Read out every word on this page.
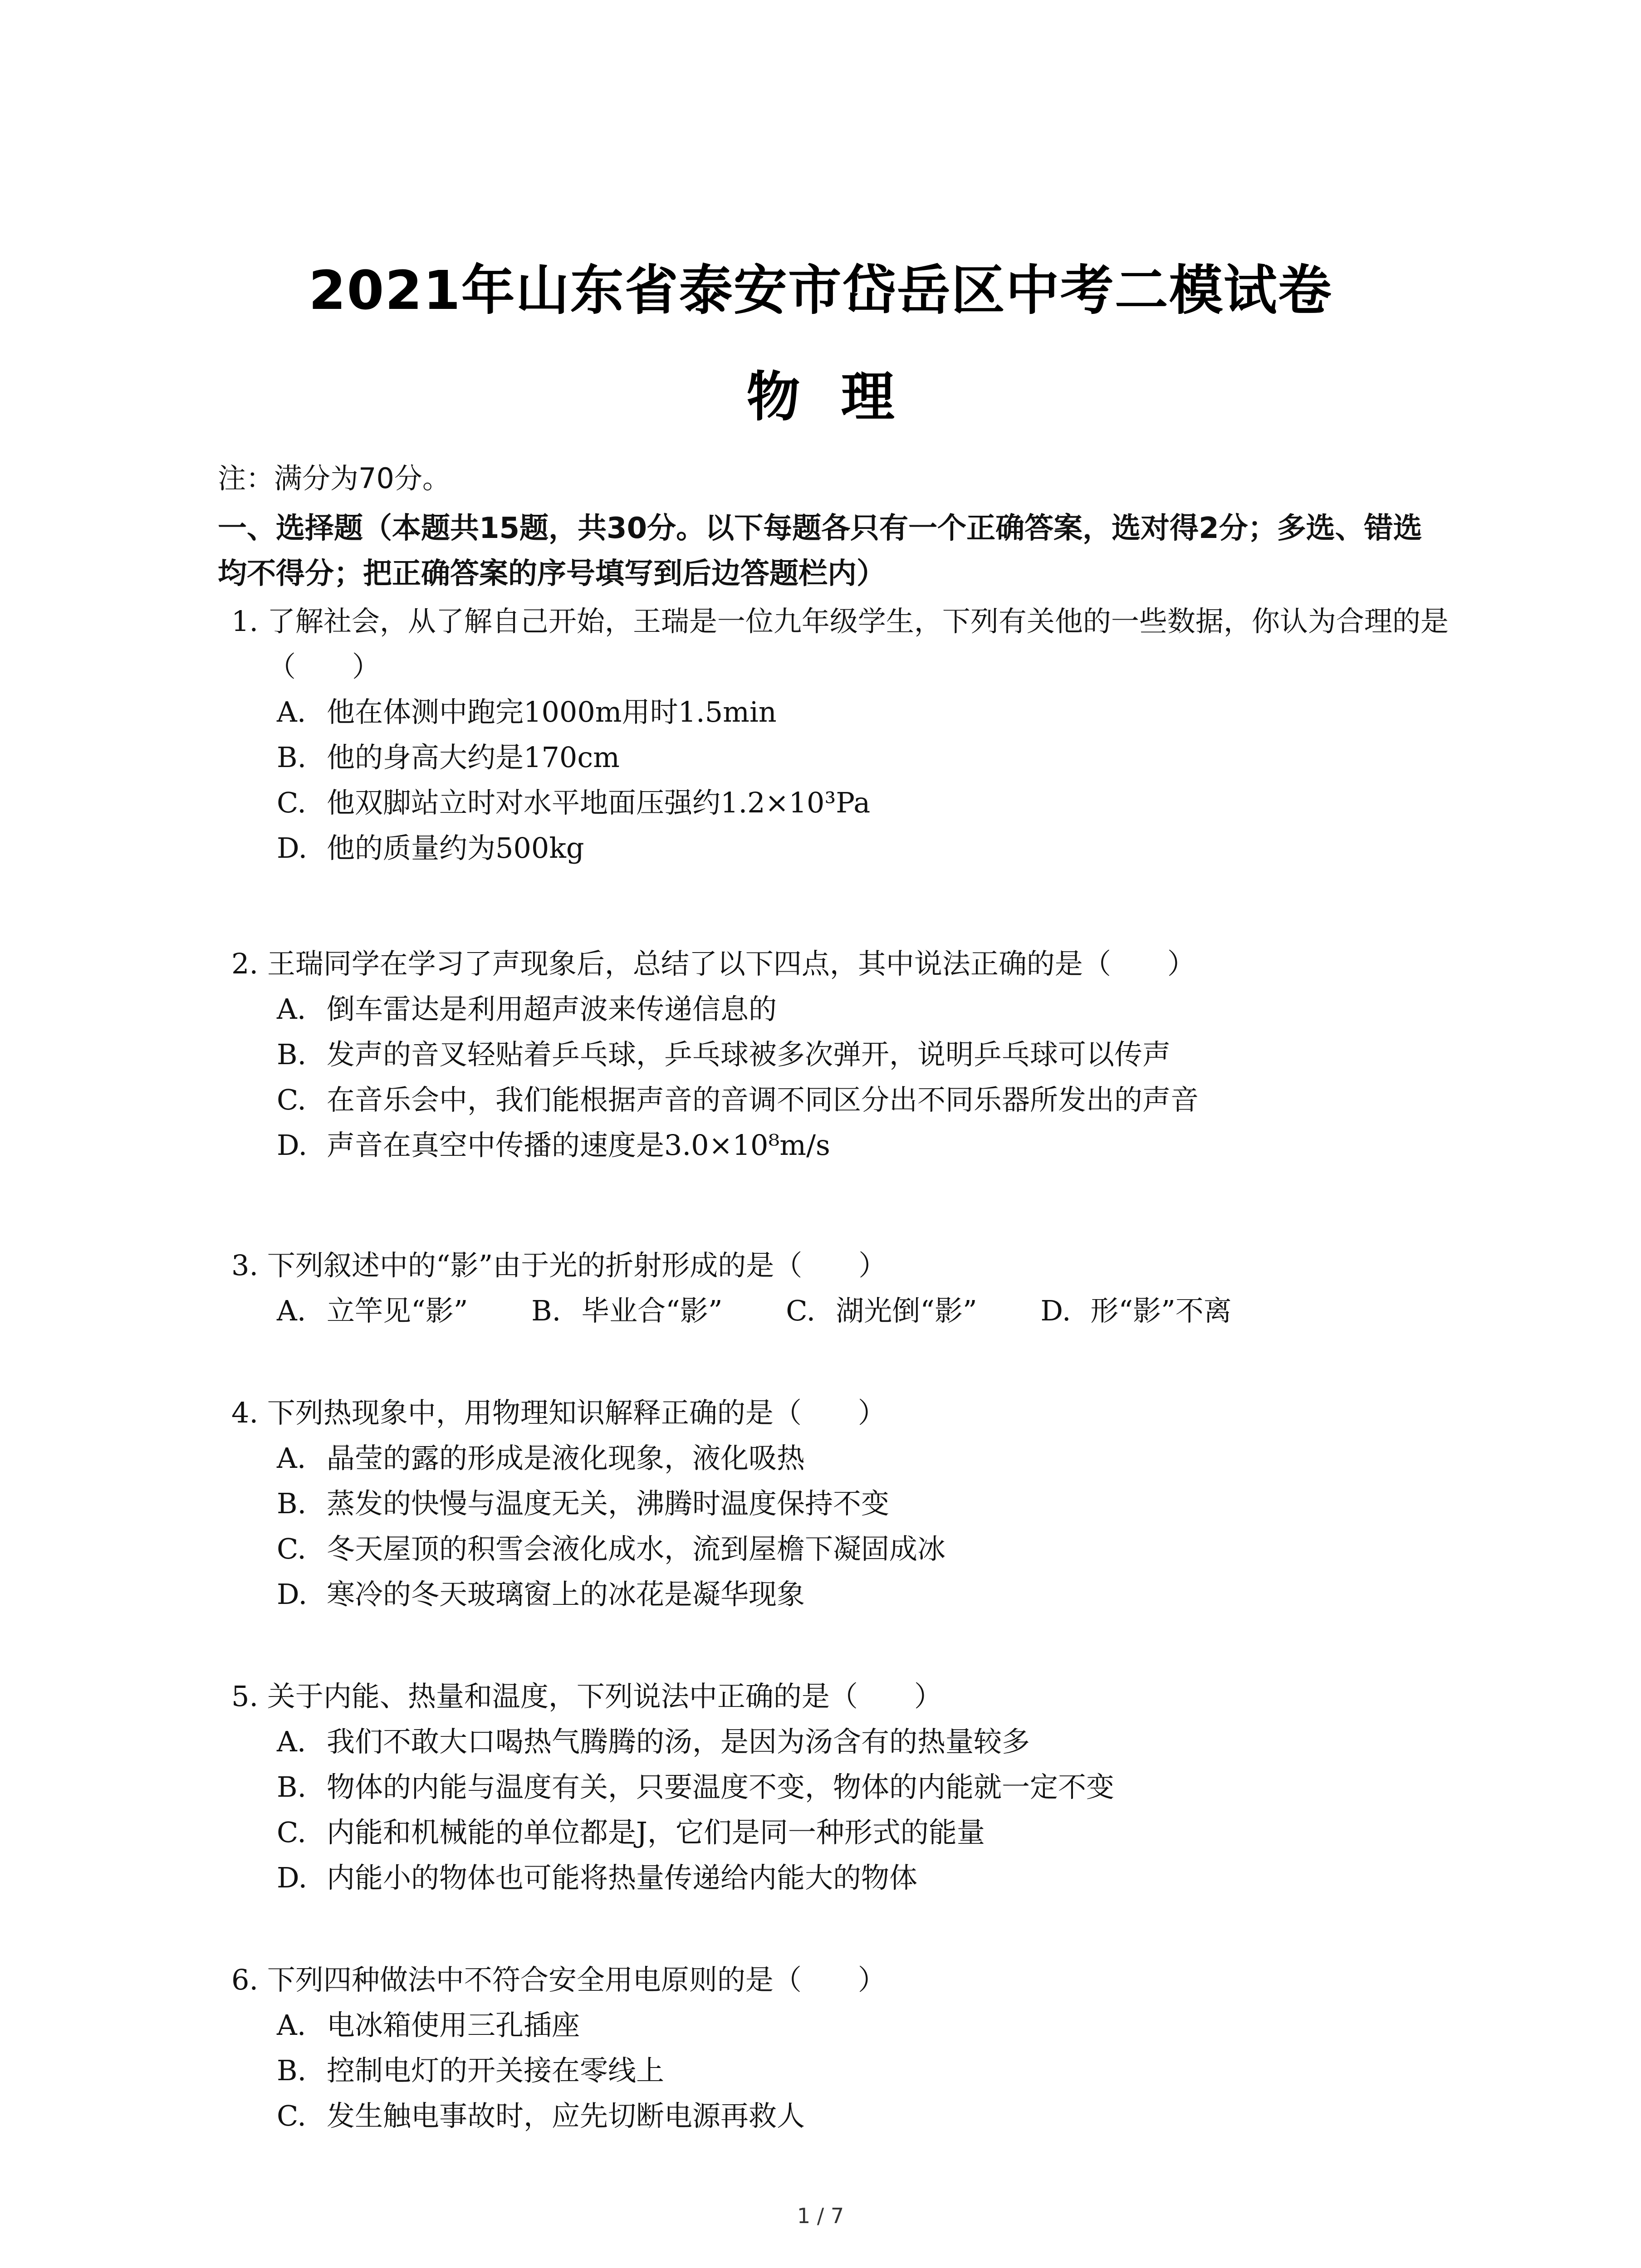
2021年山东省泰安市岱岳区中考二模试卷
物理
注：满分为70分。
一、选择题（本题共15题，共30分。以下每题各只有一个正确答案，选对得2分；多选、错选均不得分；把正确答案的序号填写到后边答题栏内）
1. 了解社会，从了解自己开始，王瑞是一位九年级学生，下列有关他的一些数据，你认为合理的是（　　）
A. 他在体测中跑完1000m用时1.5min
B. 他的身高大约是170cm
C. 他双脚站立时对水平地面压强约1.2×10³Pa
D. 他的质量约为500kg
2. 王瑞同学在学习了声现象后，总结了以下四点，其中说法正确的是（　　）
A. 倒车雷达是利用超声波来传递信息的
B. 发声的音叉轻贴着乒乓球，乒乓球被多次弹开，说明乒乓球可以传声
C. 在音乐会中，我们能根据声音的音调不同区分出不同乐器所发出的声音
D. 声音在真空中传播的速度是3.0×10⁸m/s
3. 下列叙述中的“影”由于光的折射形成的是（　　）
A. 立竿见“影” B. 毕业合“影” C. 湖光倒“影” D. 形“影”不离
4. 下列热现象中，用物理知识解释正确的是（　　）
A. 晶莹的露的形成是液化现象，液化吸热
B. 蒸发的快慢与温度无关，沸腾时温度保持不变
C. 冬天屋顶的积雪会液化成水，流到屋檐下凝固成冰
D. 寒冷的冬天玻璃窗上的冰花是凝华现象
5. 关于内能、热量和温度，下列说法中正确的是（　　）
A. 我们不敢大口喝热气腾腾的汤，是因为汤含有的热量较多
B. 物体的内能与温度有关，只要温度不变，物体的内能就一定不变
C. 内能和机械能的单位都是J，它们是同一种形式的能量
D. 内能小的物体也可能将热量传递给内能大的物体
6. 下列四种做法中不符合安全用电原则的是（　　）
A. 电冰箱使用三孔插座
B. 控制电灯的开关接在零线上
C. 发生触电事故时，应先切断电源再救人
1 / 7
